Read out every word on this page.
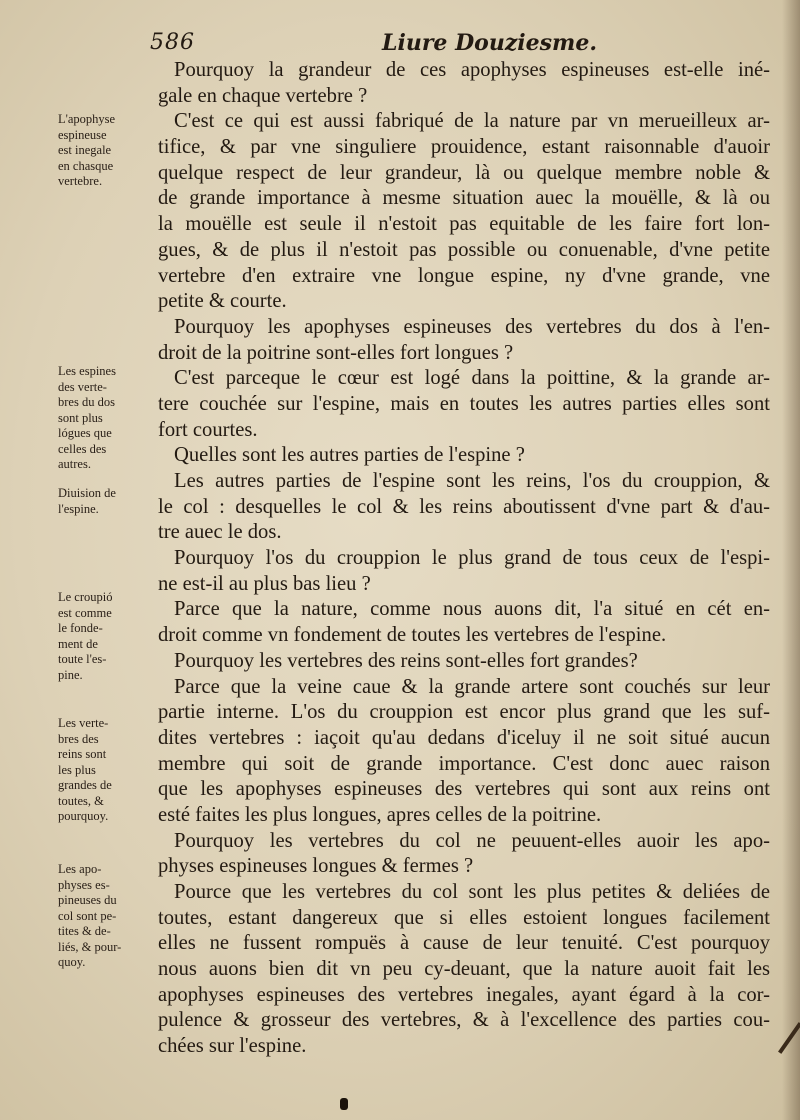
586	Liure Douziesme.
Pourquoy la grandeur de ces apophyses espineuses est-elle iné-
gale en chaque vertebre ?
C'est ce qui est aussi fabriqué de la nature par vn merueilleux ar-
tifice, & par vne singuliere prouidence, estant raisonnable d'auoir
quelque respect de leur grandeur, là ou quelque membre noble &
de grande importance à mesme situation auec la mouëlle, & là ou
la mouëlle est seule il n'estoit pas equitable de les faire fort lon-
gues, & de plus il n'estoit pas possible ou conuenable, d'vne petite
vertebre d'en extraire vne longue espine, ny d'vne grande, vne
petite & courte.
Pourquoy les apophyses espineuses des vertebres du dos à l'en-
droit de la poitrine sont-elles fort longues ?
C'est parceque le cœur est logé dans la poittine, & la grande ar-
tere couchée sur l'espine, mais en toutes les autres parties elles sont
fort courtes.
Quelles sont les autres parties de l'espine ?
Les autres parties de l'espine sont les reins, l'os du crouppion, &
le col : desquelles le col & les reins aboutissent d'vne part & d'au-
tre auec le dos.
Pourquoy l'os du crouppion le plus grand de tous ceux de l'espi-
ne est-il au plus bas lieu ?
Parce que la nature, comme nous auons dit, l'a situé en cét en-
droit comme vn fondement de toutes les vertebres de l'espine.
Pourquoy les vertebres des reins sont-elles fort grandes?
Parce que la veine caue & la grande artere sont couchés sur leur
partie interne. L'os du crouppion est encor plus grand que les suf-
dites vertebres : iaçoit qu'au dedans d'iceluy il ne soit situé aucun
membre qui soit de grande importance. C'est donc auec raison
que les apophyses espineuses des vertebres qui sont aux reins ont
esté faites les plus longues, apres celles de la poitrine.
Pourquoy les vertebres du col ne peuuent-elles auoir les apo-
physes espineuses longues & fermes ?
Pource que les vertebres du col sont les plus petites & deliées de
toutes, estant dangereux que si elles estoient longues facilement
elles ne fussent rompuës à cause de leur tenuité. C'est pourquoy
nous auons bien dit vn peu cy-deuant, que la nature auoit fait les
apophyses espineuses des vertebres inegales, ayant égard à la cor-
pulence & grosseur des vertebres, & à l'excellence des parties cou-
chées sur l'espine.
L'apophyse
espineuse
est inegale
en chasque
vertebre.
Les espines
des verte-
bres du dos
sont plus
lógues que
celles des
autres.
Diuision de
l'espine.
Le croupió
est comme
le fonde-
ment de
toute l'es-
pine.
Les verte-
bres des
reins sont
les plus
grandes de
toutes, &
pourquoy.
Les apo-
physes es-
pineuses du
col sont pe-
tites & de-
liés, & pour-
quoy.
